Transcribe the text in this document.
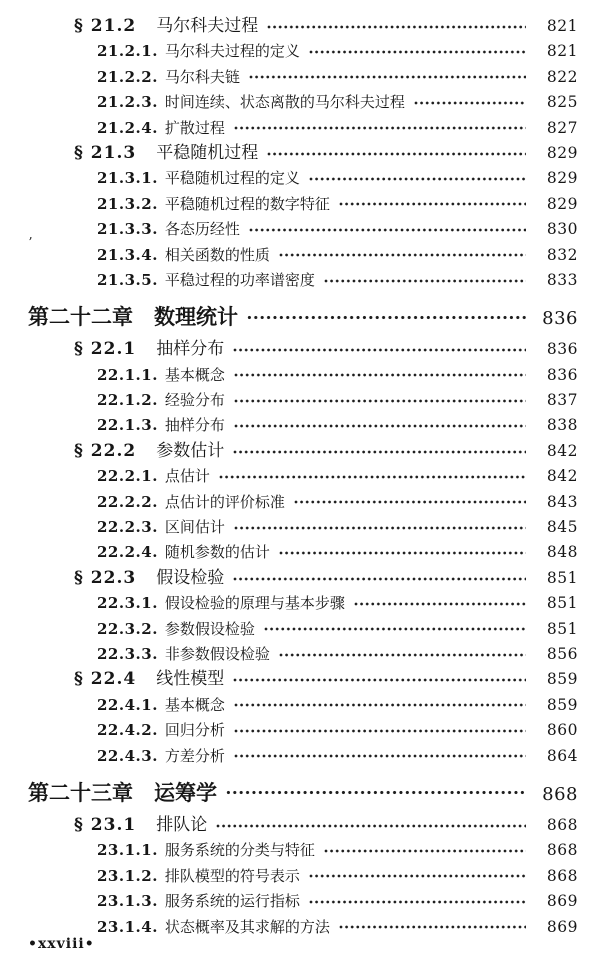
§ 21.2 马尔科夫过程	821
21.2.1. 马尔科夫过程的定义	821
21.2.2. 马尔科夫链	822
21.2.3. 时间连续、状态离散的马尔科夫过程	825
21.2.4. 扩散过程	827
§ 21.3 平稳随机过程	829
21.3.1. 平稳随机过程的定义	829
21.3.2. 平稳随机过程的数字特征	829
21.3.3. 各态历经性	830
21.3.4. 相关函数的性质	832
21.3.5. 平稳过程的功率谱密度	833
第二十二章 数理统计	836
§ 22.1 抽样分布	836
22.1.1. 基本概念	836
22.1.2. 经验分布	837
22.1.3. 抽样分布	838
§ 22.2 参数估计	842
22.2.1. 点估计	842
22.2.2. 点估计的评价标准	843
22.2.3. 区间估计	845
22.2.4. 随机参数的估计	848
§ 22.3 假设检验	851
22.3.1. 假设检验的原理与基本步骤	851
22.3.2. 参数假设检验	851
22.3.3. 非参数假设检验	856
§ 22.4 线性模型	859
22.4.1. 基本概念	859
22.4.2. 回归分析	860
22.4.3. 方差分析	864
第二十三章 运筹学	868
§ 23.1 排队论	868
23.1.1. 服务系统的分类与特征	868
23.1.2. 排队模型的符号表示	868
23.1.3. 服务系统的运行指标	869
23.1.4. 状态概率及其求解的方法	869
ʼ
•xxviii•
